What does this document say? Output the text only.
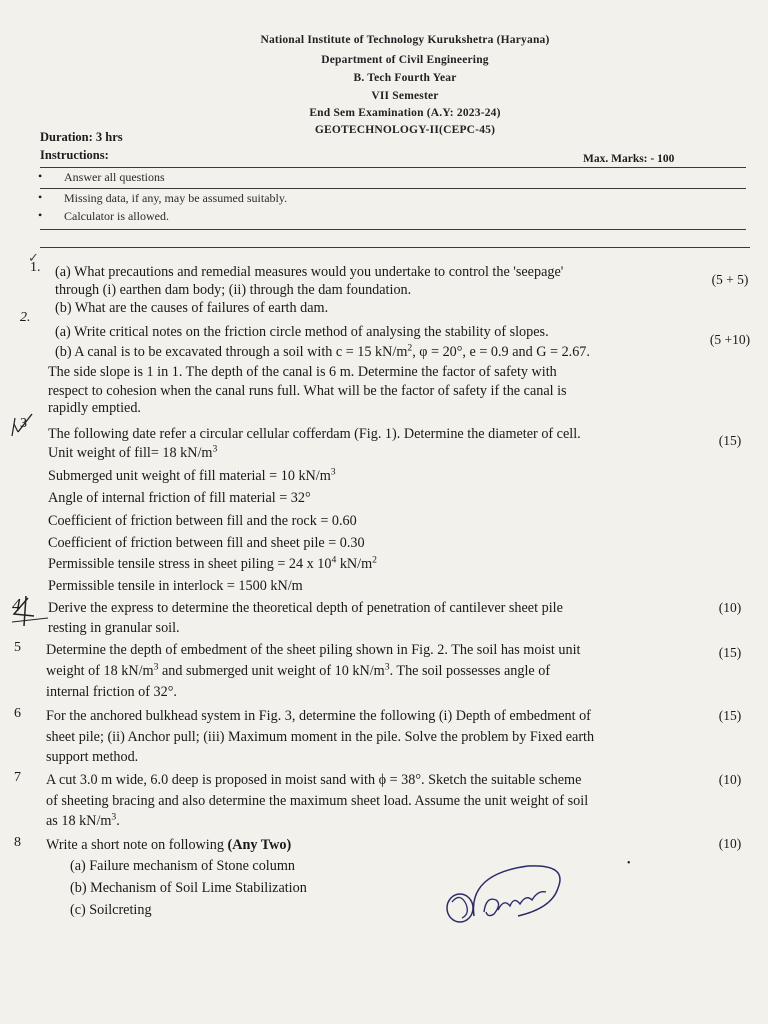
National Institute of Technology Kurukshetra (Haryana)
Department of Civil Engineering
B. Tech Fourth Year
VII Semester
End Sem Examination (A.Y: 2023-24)
GEOTECHNOLOGY-II(CEPC-45)
Duration: 3 hrs
Instructions:	Max. Marks: - 100
• Answer all questions
• Missing data, if any, may be assumed suitably.
• Calculator is allowed.
1. (a) What precautions and remedial measures would you undertake to control the 'seepage'
through (i) earthen dam body; (ii) through the dam foundation.
(b) What are the causes of failures of earth dam.
(5 + 5)
2.
(a) Write critical notes on the friction circle method of analysing the stability of slopes.
(b) A canal is to be excavated through a soil with c = 15 $kN/m^2$, φ = 20°, e = 0.9 and G = 2.67.
The side slope is 1 in 1. The depth of the canal is 6 m. Determine the factor of safety with
respect to cohesion when the canal runs full. What will be the factor of safety if the canal is
rapidly emptied.
(5 +10)
3
The following date refer a circular cellular cofferdam (Fig. 1). Determine the diameter of cell.	(15)
Unit weight of fill= 18 $kN/m^3$
Submerged unit weight of fill material = 10 $kN/m^3$
Angle of internal friction of fill material = 32°
Coefficient of friction between fill and the rock = 0.60
Coefficient of friction between fill and sheet pile = 0.30
Permissible tensile stress in sheet piling = 24 x $10^4$ $kN/m^2$
Permissible tensile in interlock = 1500 kN/m
4 Derive the express to determine the theoretical depth of penetration of cantilever sheet pile
resting in granular soil.
(10)
5 Determine the depth of embedment of the sheet piling shown in Fig. 2. The soil has moist unit
weight of 18 $kN/m^3$ and submerged unit weight of 10 $kN/m^3$. The soil possesses angle of
internal friction of 32°.
(15)
6 For the anchored bulkhead system in Fig. 3, determine the following (i) Depth of embedment of
sheet pile; (ii) Anchor pull; (iii) Maximum moment in the pile. Solve the problem by Fixed earth
support method.
(15)
7 A cut 3.0 m wide, 6.0 deep is proposed in moist sand with ϕ = 38°. Sketch the suitable scheme
of sheeting bracing and also determine the maximum sheet load. Assume the unit weight of soil
as 18 $kN/m^3$.
(10)
8 Write a short note on following (Any Two)
(a) Failure mechanism of Stone column
(b) Mechanism of Soil Lime Stabilization
(c) Soilcreting
(10)
✓
•
